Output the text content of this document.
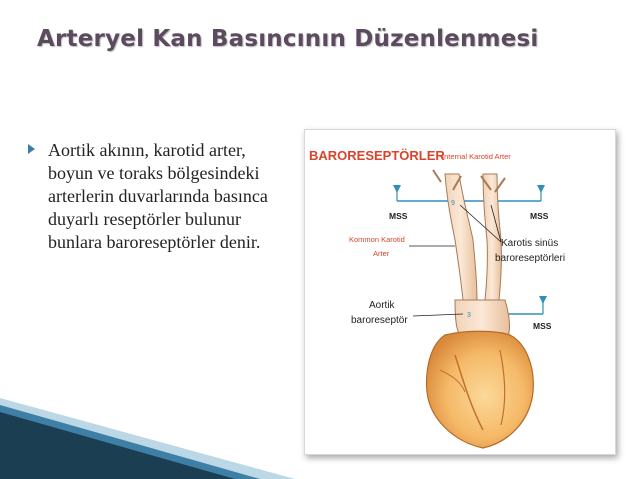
Arteryel Kan Basıncının Düzenlenmesi
Aortik akının, karotid arter, boyun ve toraks bölgesindeki arterlerin duvarlarında basınca duyarlı reseptörler bulunur bunlara baroreseptörler denir.
BARORESEPTÖRLER
İnternal Karotid Arter
MSS	MSS
MSS
9
3
Kommon Karotid
Arter
Karotis sinüs
baroreseptörleri
Aortik
baroreseptör
